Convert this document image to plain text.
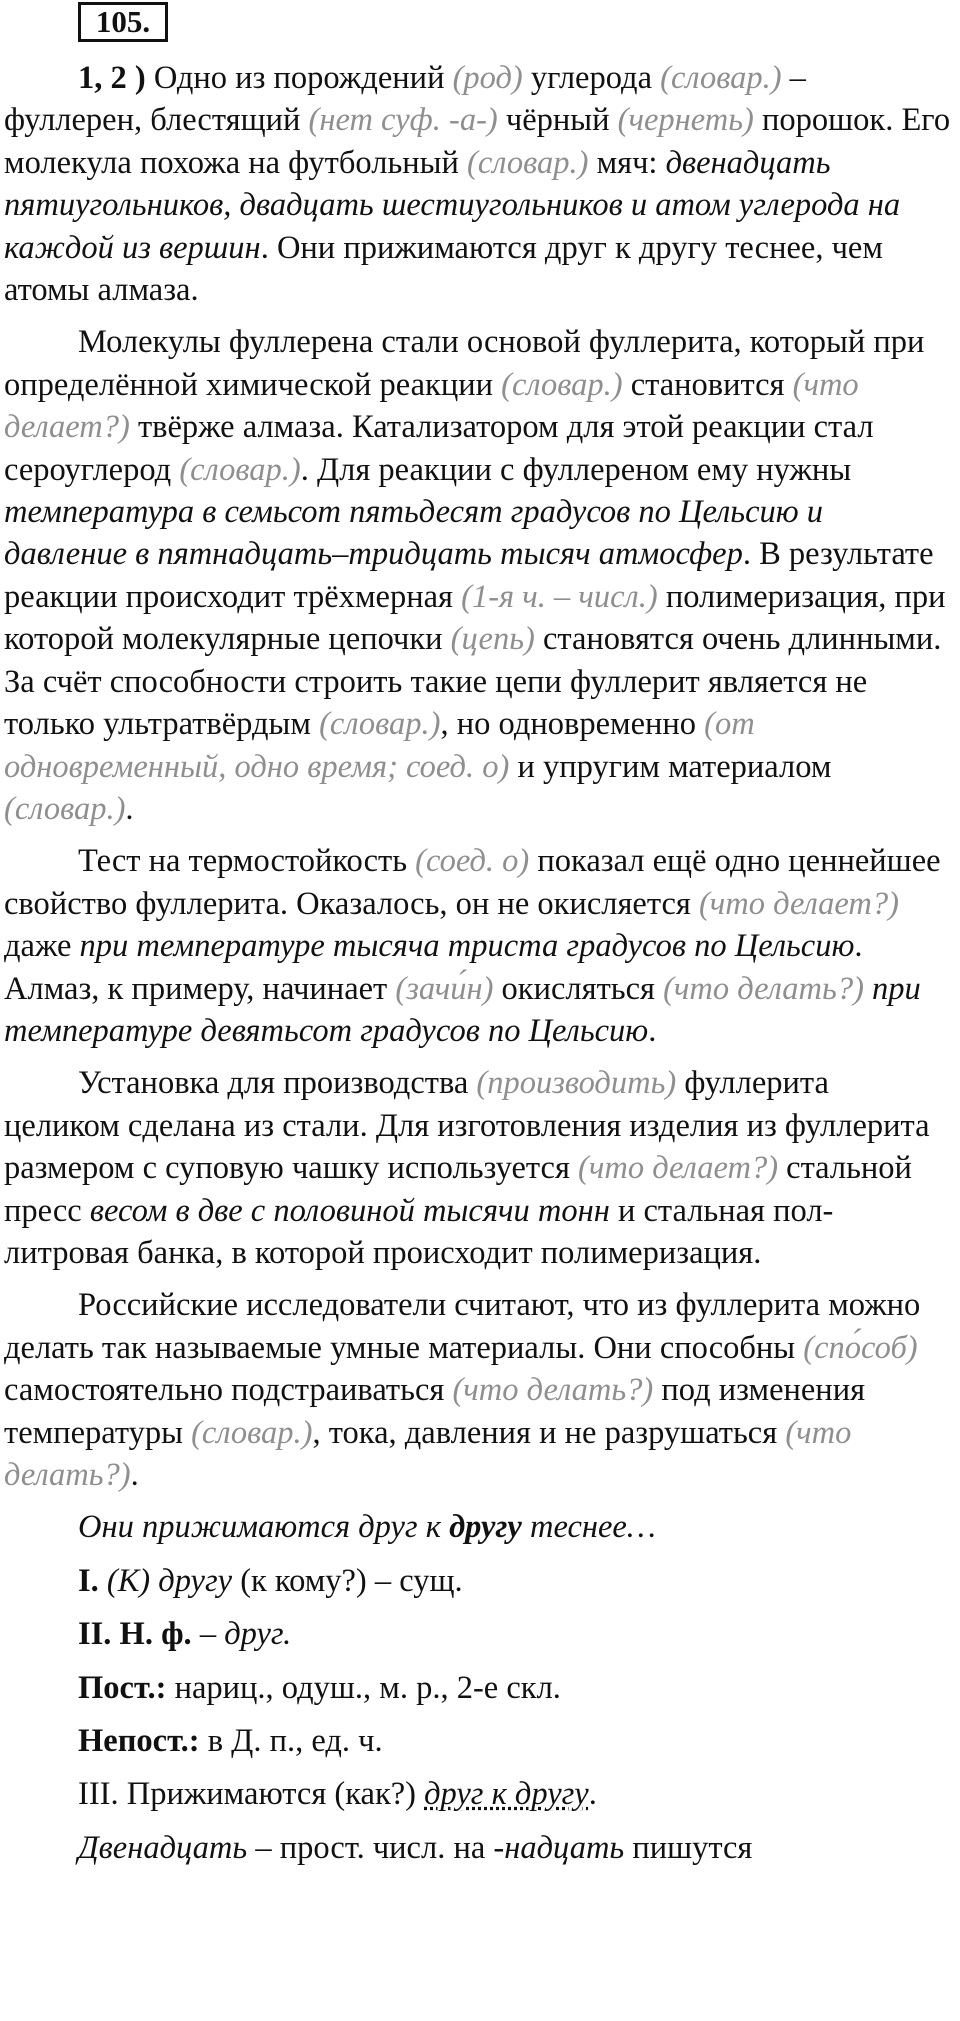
105.

1, 2 ) Одно из порождений (род) углерода (словар.) – фуллерен, блестящий (нет суф. -а-) чёрный (чернеть) порошок. Его молекула похожа на футбольный (словар.) мяч: двенадцать пятиугольников, двадцать шестиугольников и атом углерода на каждой из вершин. Они прижимаются друг к другу теснее, чем атомы алмаза.

Молекулы фуллерена стали основой фуллерита, который при определённой химической реакции (словар.) становится (что делает?) твёрже алмаза. Катализатором для этой реакции стал сероуглерод (словар.). Для реакции с фуллереном ему нужны температура в семьсот пятьдесят градусов по Цельсию и давление в пятнадцать–тридцать тысяч атмосфер. В результате реакции происходит трёхмерная (1-я ч. – числ.) полимеризация, при которой молекулярные цепочки (цепь) становятся очень длинными. За счёт способности строить такие цепи фуллерит является не только ультратвёрдым (словар.), но одновременно (от одновременный, одно время; соед. о) и упругим материалом (словар.).

Тест на термостойкость (соед. о) показал ещё одно ценнейшее свойство фуллерита. Оказалось, он не окисляется (что делает?) даже при температуре тысяча триста градусов по Цельсию. Алмаз, к примеру, начинает (зачи́н) окисляться (что делать?) при температуре девятьсот градусов по Цельсию.

Установка для производства (производить) фуллерита целиком сделана из стали. Для изготовления изделия из фуллерита размером с суповую чашку используется (что делает?) стальной пресс весом в две с половиной тысячи тонн и стальная пол-литровая банка, в которой происходит полимеризация.

Российские исследователи считают, что из фуллерита можно делать так называемые умные материалы. Они способны (спо́соб) самостоятельно подстраиваться (что делать?) под изменения температуры (словар.), тока, давления и не разрушаться (что делать?).

Они прижимаются друг к другу теснее…

I. (К) другу (к кому?) – сущ.

II. Н. ф. – друг.

Пост.: нариц., одуш., м. р., 2-е скл.

Непост.: в Д. п., ед. ч.

III. Прижимаются (как?) друг к другу.

Двенадцать – прост. числ. на -надцать пишутся
